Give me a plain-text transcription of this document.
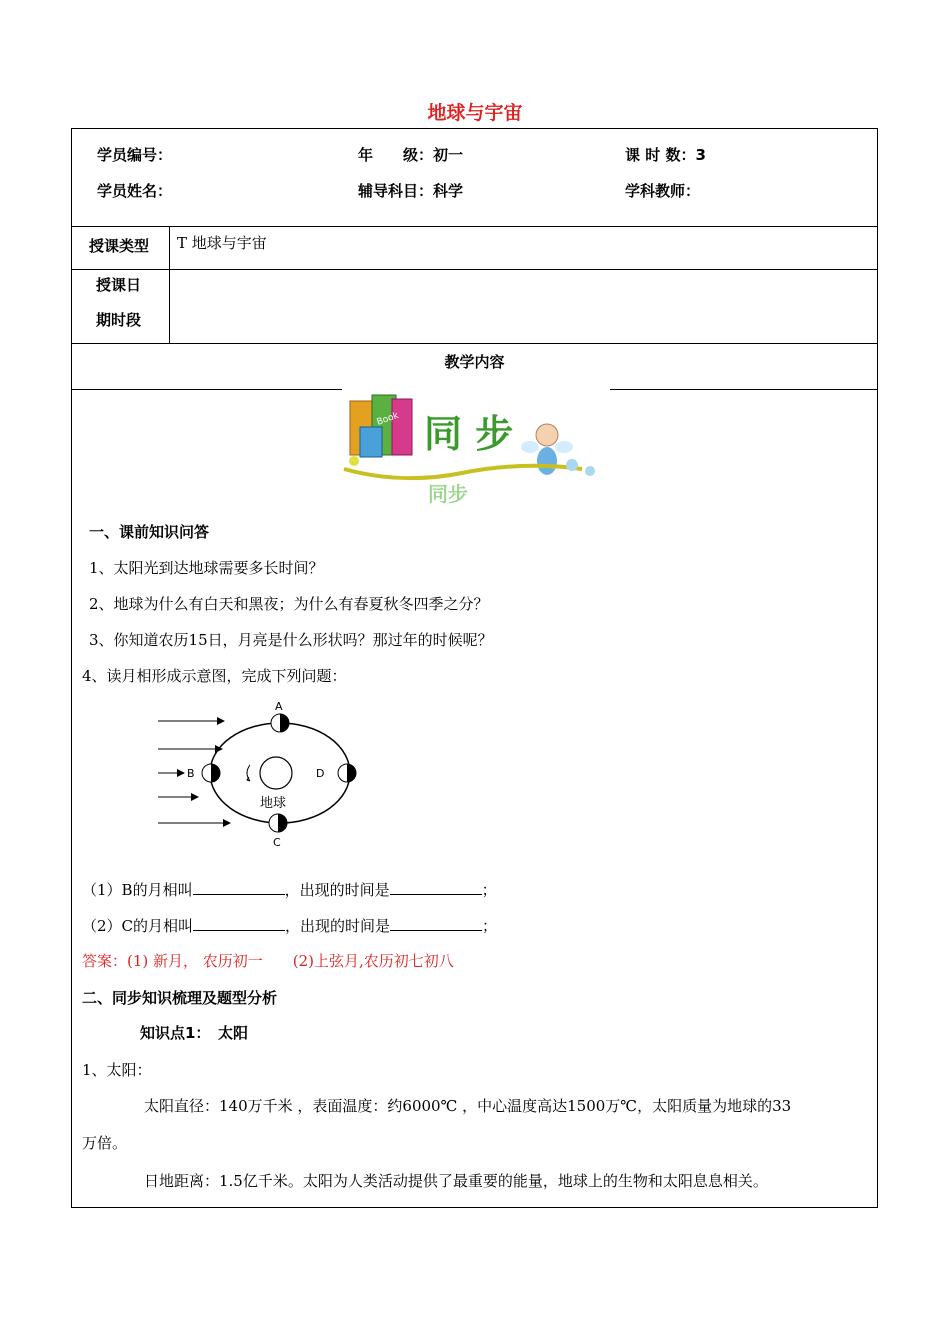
地球与宇宙
学员编号：	年　　级：初一	课 时 数：3
学员姓名：	辅导科目：科学	学科教师：
授课类型 T 地球与宇宙
授课日
期时段
教学内容
Book 同 步
同步
一、课前知识问答
1、太阳光到达地球需要多长时间？
2、地球为什么有白天和黑夜；为什么有春夏秋冬四季之分？
3、你知道农历15日，月亮是什么形状吗？那过年的时候呢？
4、读月相形成示意图，完成下列问题：
地球
A
B
C
D
（1）B的月相叫	，出现的时间是	；
（2）C的月相叫	，出现的时间是	；
答案：(1) 新月， 农历初一　　(2)上弦月,农历初七初八
二、同步知识梳理及题型分析
知识点1：　太阳
1、太阳：
太阳直径：140万千米 ，表面温度：约6000℃ ，中心温度高达1500万℃，太阳质量为地球的33
万倍。
日地距离：1.5亿千米。太阳为人类活动提供了最重要的能量，地球上的生物和太阳息息相关。
